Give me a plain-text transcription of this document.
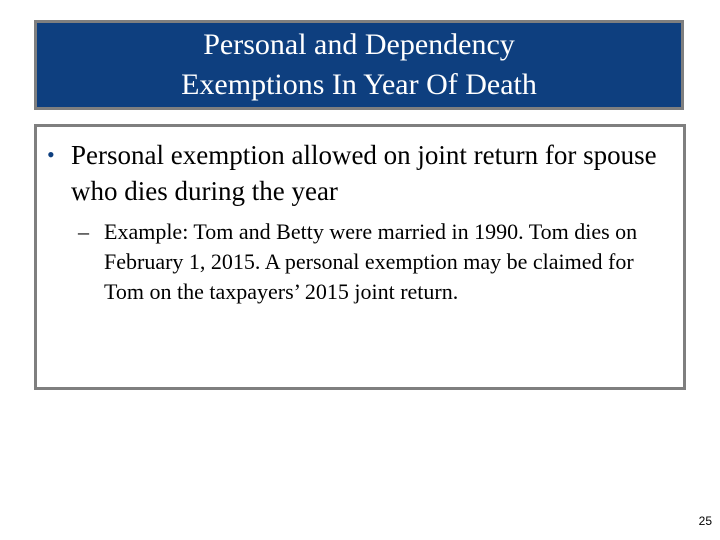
Personal and Dependency
Exemptions In Year Of Death
• Personal exemption allowed on joint return for spouse who dies during the year
– Example: Tom and Betty were married in 1990. Tom dies on February 1, 2015. A personal exemption may be claimed for Tom on the taxpayers’ 2015 joint return.
25
